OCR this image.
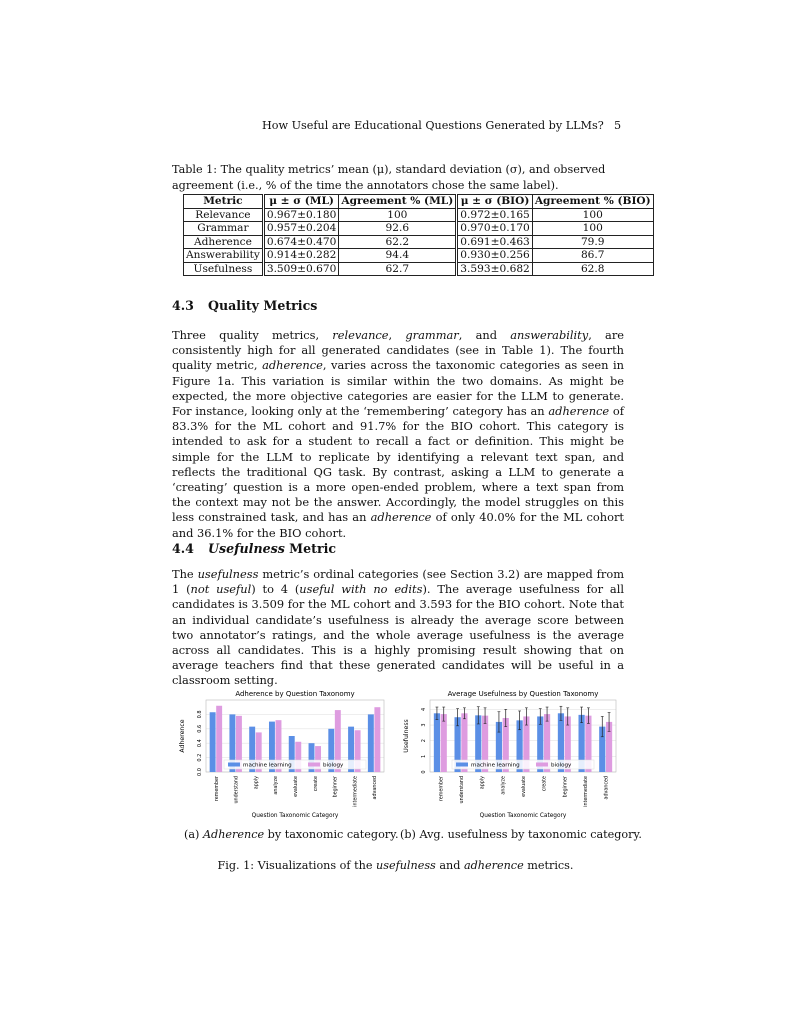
How Useful are Educational Questions Generated by LLMs? 5
Table 1: The quality metrics’ mean (μ), standard deviation (σ), and observed agreement (i.e., % of the time the annotators chose the same label).
Metric	μ ± σ (ML)	Agreement % (ML)	μ ± σ (BIO)	Agreement % (BIO)
Relevance	0.967±0.180	100	0.972±0.165	100
Grammar	0.957±0.204	92.6	0.970±0.170	100
Adherence	0.674±0.470	62.2	0.691±0.463	79.9
Answerability	0.914±0.282	94.4	0.930±0.256	86.7
Usefulness	3.509±0.670	62.7	3.593±0.682	62.8
4.3 Quality Metrics
Three quality metrics, relevance, grammar, and answerability, are consistently high for all generated candidates (see in Table 1). The fourth quality metric, adherence, varies across the taxonomic categories as seen in Figure 1a. This variation is similar within the two domains. As might be expected, the more objective categories are easier for the LLM to generate. For instance, looking only at the ‘remembering’ category has an adherence of 83.3% for the ML cohort and 91.7% for the BIO cohort. This category is intended to ask for a student to recall a fact or definition. This might be simple for the LLM to replicate by identifying a relevant text span, and reflects the traditional QG task. By contrast, asking a LLM to generate a ‘creating’ question is a more open-ended problem, where a text span from the context may not be the answer. Accordingly, the model struggles on this less constrained task, and has an adherence of only 40.0% for the ML cohort and 36.1% for the BIO cohort.
4.4 Usefulness Metric
The usefulness metric’s ordinal categories (see Section 3.2) are mapped from 1 (not useful) to 4 (useful with no edits). The average usefulness for all candidates is 3.509 for the ML cohort and 3.593 for the BIO cohort. Note that an individual candidate’s usefulness is already the average score between two annotator’s ratings, and the whole average usefulness is the average across all candidates. This is a highly promising result showing that on average teachers find that these generated candidates will be useful in a classroom setting.
Adherence by Question Taxonomy
0.0
0.2
0.4
0.6
0.8
Adherence
remember	understand	apply	analyze	evaluate	create	beginner	intermediate	advanced
Question Taxonomic Category
machine learning	biology
Average Usefulness by Question Taxonomy
0
1
2
3
4
Usefulness
remember	understand	apply	analyze	evaluate	create	beginner	intermediate	advanced
Question Taxonomic Category
machine learning	biology
(a) Adherence by taxonomic category. (b) Avg. usefulness by taxonomic category.
Fig. 1: Visualizations of the usefulness and adherence metrics.
